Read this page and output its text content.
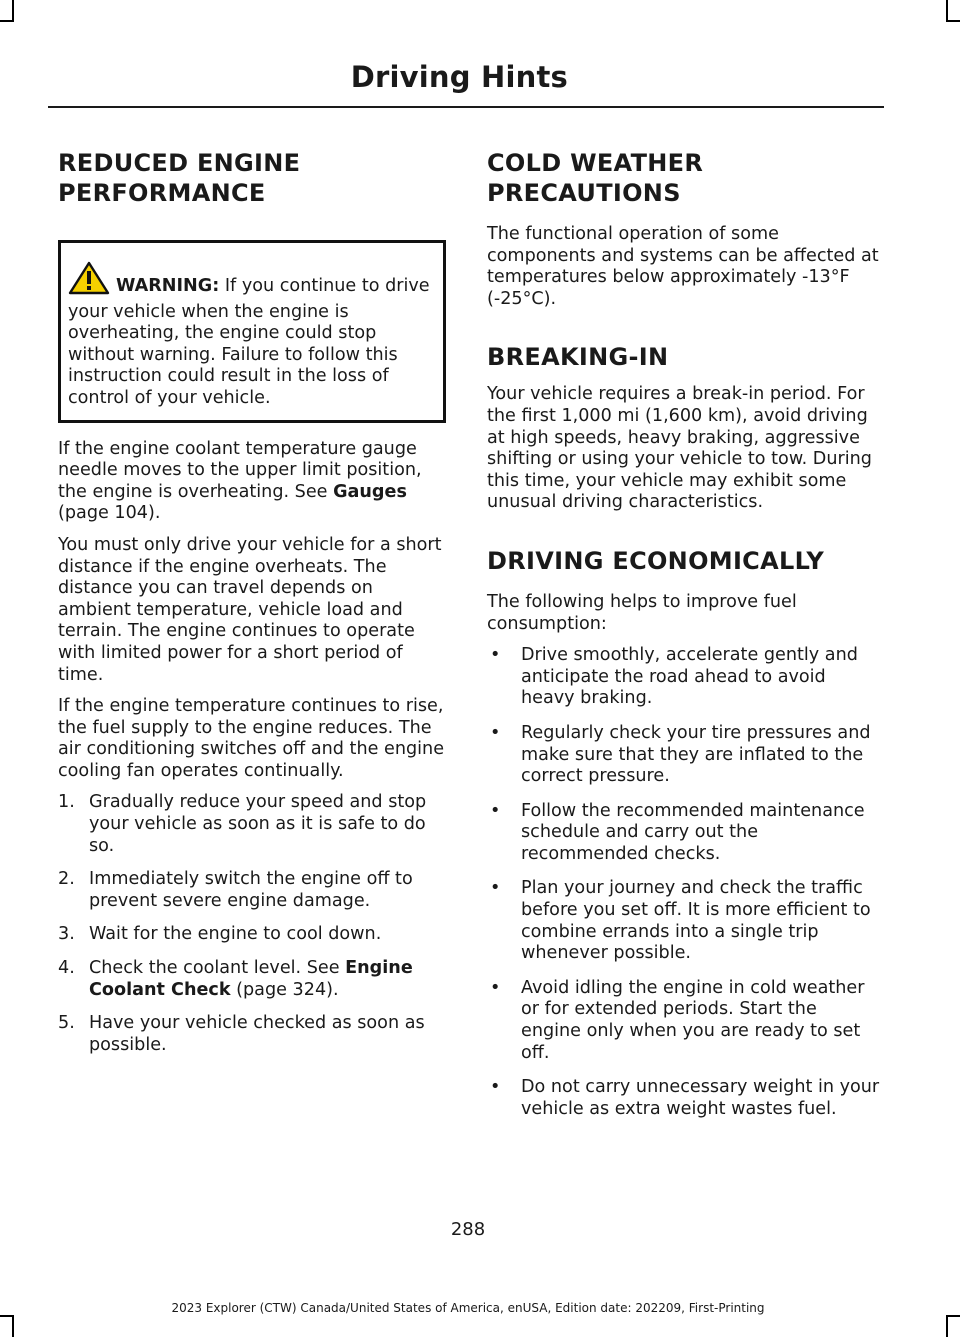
Driving Hints
REDUCED ENGINE
PERFORMANCE

WARNING: If you continue to drive your vehicle when the engine is overheating, the engine could stop without warning. Failure to follow this instruction could result in the loss of control of your vehicle.

If the engine coolant temperature gauge needle moves to the upper limit position, the engine is overheating. See Gauges (page 104).

You must only drive your vehicle for a short distance if the engine overheats. The distance you can travel depends on ambient temperature, vehicle load and terrain. The engine continues to operate with limited power for a short period of time.

If the engine temperature continues to rise, the fuel supply to the engine reduces. The air conditioning switches off and the engine cooling fan operates continually.

1. Gradually reduce your speed and stop your vehicle as soon as it is safe to do so.
2. Immediately switch the engine off to prevent severe engine damage.
3. Wait for the engine to cool down.
4. Check the coolant level. See Engine Coolant Check (page 324).
5. Have your vehicle checked as soon as possible.
COLD WEATHER
PRECAUTIONS

The functional operation of some components and systems can be affected at temperatures below approximately -13°F (-25°C).

BREAKING-IN

Your vehicle requires a break-in period. For the first 1,000 mi (1,600 km), avoid driving at high speeds, heavy braking, aggressive shifting or using your vehicle to tow. During this time, your vehicle may exhibit some unusual driving characteristics.

DRIVING ECONOMICALLY

The following helps to improve fuel consumption:

• Drive smoothly, accelerate gently and anticipate the road ahead to avoid heavy braking.
• Regularly check your tire pressures and make sure that they are inflated to the correct pressure.
• Follow the recommended maintenance schedule and carry out the recommended checks.
• Plan your journey and check the traffic before you set off. It is more efficient to combine errands into a single trip whenever possible.
• Avoid idling the engine in cold weather or for extended periods. Start the engine only when you are ready to set off.
• Do not carry unnecessary weight in your vehicle as extra weight wastes fuel.
288
2023 Explorer (CTW) Canada/United States of America, enUSA, Edition date: 202209, First-Printing
